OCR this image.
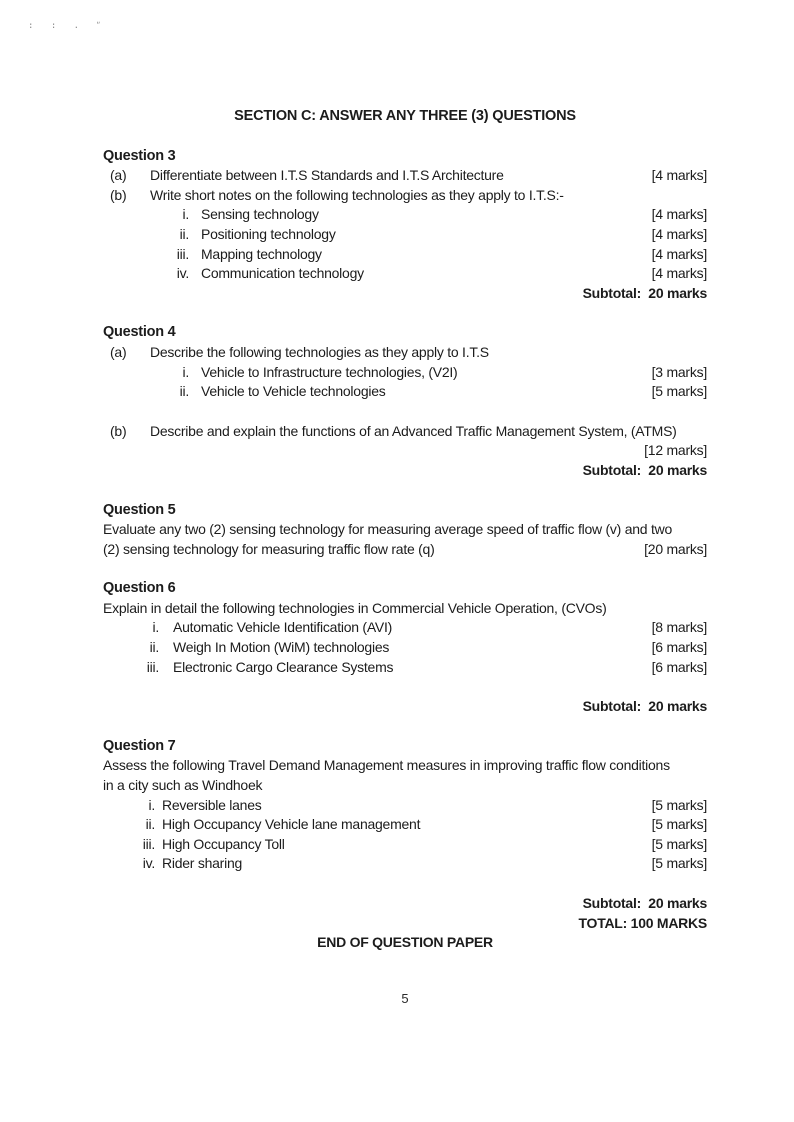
: : . ʺ
SECTION C: ANSWER ANY THREE (3) QUESTIONS
Question 3
(a)	Differentiate between I.T.S Standards and I.T.S Architecture	[4 marks]
(b)	Write short notes on the following technologies as they apply to I.T.S:-
i. Sensing technology	[4 marks]
ii. Positioning technology	[4 marks]
iii. Mapping technology	[4 marks]
iv. Communication technology	[4 marks]
Subtotal:  20 marks
Question 4
(a)	Describe the following technologies as they apply to I.T.S
i. Vehicle to Infrastructure technologies, (V2I)	[3 marks]
ii. Vehicle to Vehicle technologies	[5 marks]
(b)	Describe and explain the functions of an Advanced Traffic Management System, (ATMS)
[12 marks]
Subtotal:  20 marks
Question 5
Evaluate any two (2) sensing technology for measuring average speed of traffic flow (v) and two
(2) sensing technology for measuring traffic flow rate (q)	[20 marks]
Question 6
Explain in detail the following technologies in Commercial Vehicle Operation, (CVOs)
i. Automatic Vehicle Identification (AVI)	[8 marks]
ii. Weigh In Motion (WiM) technologies	[6 marks]
iii. Electronic Cargo Clearance Systems	[6 marks]
Subtotal:  20 marks
Question 7
Assess the following Travel Demand Management measures in improving traffic flow conditions
in a city such as Windhoek
i. Reversible lanes	[5 marks]
ii. High Occupancy Vehicle lane management	[5 marks]
iii. High Occupancy Toll	[5 marks]
iv. Rider sharing	[5 marks]
Subtotal:  20 marks
TOTAL: 100 MARKS
END OF QUESTION PAPER
5
